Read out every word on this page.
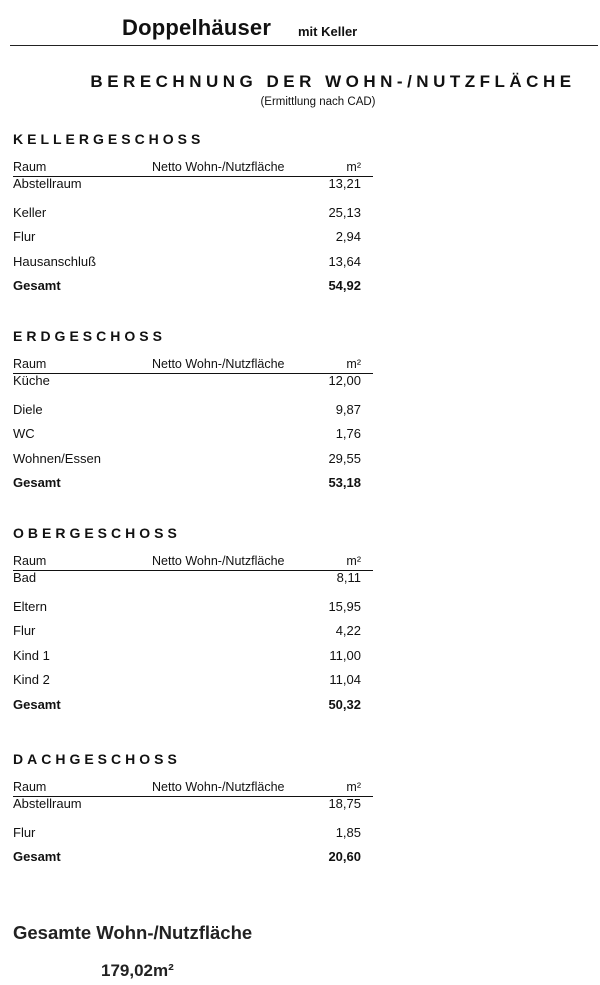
Doppelhäuser mit Keller
BERECHNUNG DER WOHN-/NUTZFLÄCHE
(Ermittlung nach CAD)
KELLERGESCHOSS
Raum	Netto Wohn-/Nutzfläche	m²
Abstellraum	13,21
Keller	25,13
Flur	2,94
Hausanschluß	13,64
Gesamt	54,92
ERDGESCHOSS
Raum	Netto Wohn-/Nutzfläche	m²
Küche	12,00
Diele	9,87
WC	1,76
Wohnen/Essen	29,55
Gesamt	53,18
OBERGESCHOSS
Raum	Netto Wohn-/Nutzfläche	m²
Bad	8,11
Eltern	15,95
Flur	4,22
Kind 1	11,00
Kind 2	11,04
Gesamt	50,32
DACHGESCHOSS
Raum	Netto Wohn-/Nutzfläche	m²
Abstellraum	18,75
Flur	1,85
Gesamt	20,60
Gesamte Wohn-/Nutzfläche
179,02m²
